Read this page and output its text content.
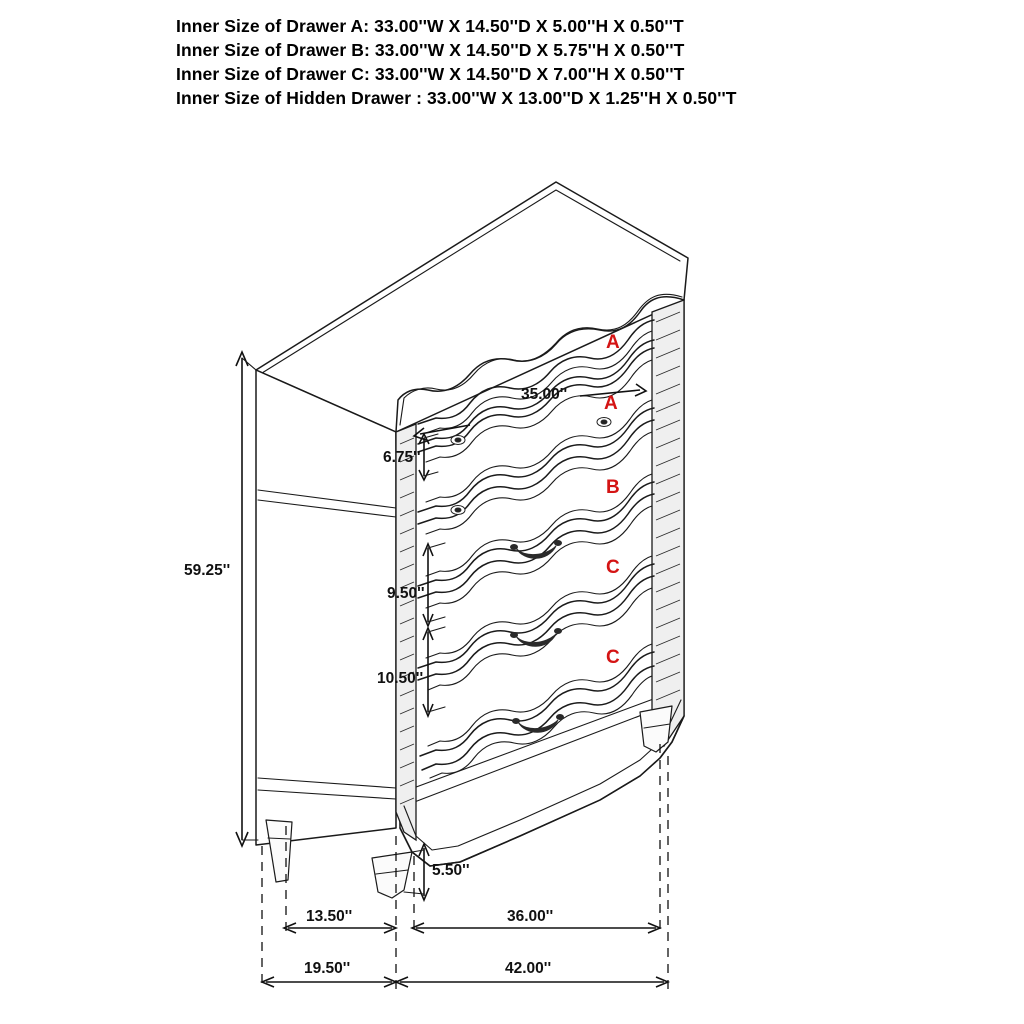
Inner Size of Drawer A: 33.00''W X 14.50''D X 5.00''H X 0.50''T
Inner Size of Drawer B: 33.00''W X 14.50''D X 5.75''H X 0.50''T
Inner Size of Drawer C: 33.00''W X 14.50''D X 7.00''H X 0.50''T
Inner Size of Hidden Drawer : 33.00''W X 13.00''D X 1.25''H X 0.50''T
A
A
B
C
C
59.25''
35.00''
6.75''
9.50''
10.50''
5.50''
13.50''	36.00''
19.50''	42.00''
